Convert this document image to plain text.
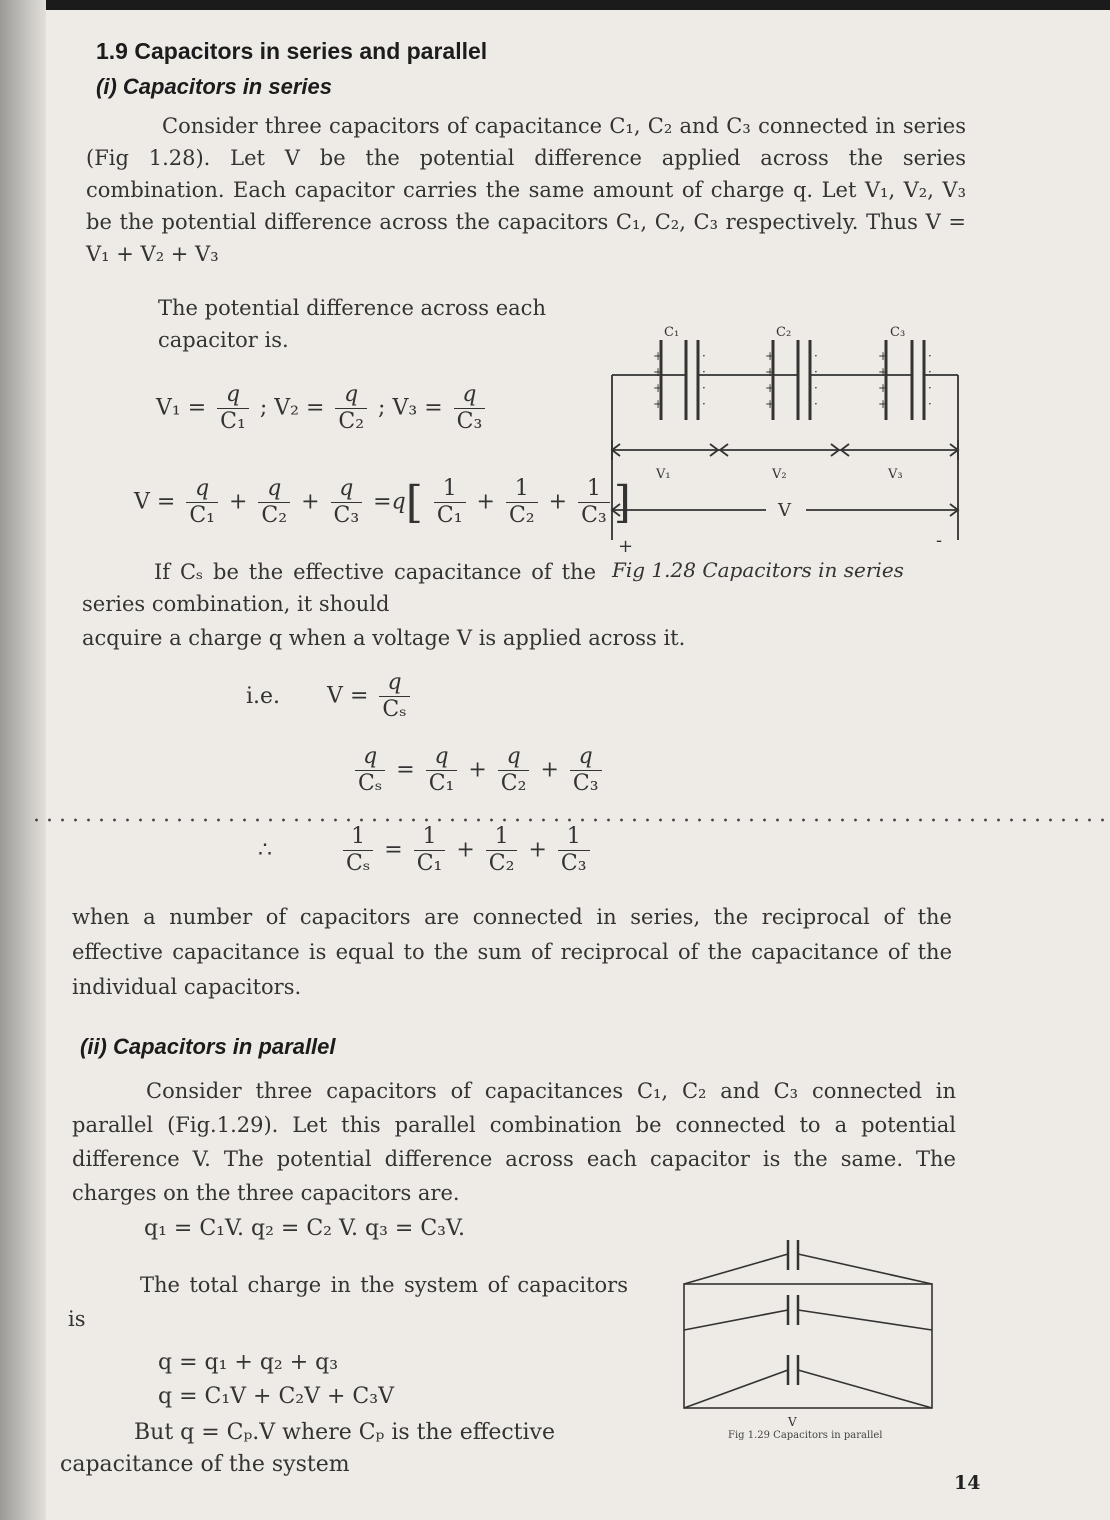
1.9 Capacitors in series and parallel
(i) Capacitors in series

Consider three capacitors of capacitance C₁, C₂ and C₃ connected in series (Fig 1.28). Let V be the potential difference applied across the series combination. Each capacitor carries the same amount of charge q. Let V₁, V₂, V₃ be the potential difference across the capacitors C₁, C₂, C₃ respectively. Thus V = V₁ + V₂ + V₃

The potential difference across each capacitor is.
$V_1 = \frac{q}{\text{C₁}}$ ; $V_2 = \frac{q}{\text{C₂}}$ ; $V_3 = \frac{q}{\text{C₃}}$
$V = \frac{q}{\text{C₁}} + \frac{q}{\text{C₂}} + \frac{q}{\text{C₃}} =q[ \frac{1}{\text{C₁}} + \frac{1}{\text{C₂}} + \frac{1}{\text{C₃}}$ ]
+
+
+
+
+
+
+
+
+
+
+
+
·
·
·
·
·
·
·
·
·
·
·
·
C₁	C₂	C₃
V₁	V₂	V₃
V
+	-
If Cₛ be the effective capacitance of the series combination, it should
Fig 1.28 Capacitors in series
acquire a charge q when a voltage V is applied across it.
i.e. $V = \frac{q}{\text{Cₛ}}$
$\frac{q}{\text{Cₛ}} = \frac{q}{\text{C₁}} + \frac{q}{\text{C₂}} + \frac{q}{\text{C₃}}$
∴	$\frac{1}{\text{Cₛ}} = \frac{1}{\text{C₁}} + \frac{1}{\text{C₂}} + \frac{1}{\text{C₃}}$
when a number of capacitors are connected in series, the reciprocal of the effective capacitance is equal to the sum of reciprocal of the capacitance of the individual capacitors.
(ii) Capacitors in parallel
Consider three capacitors of capacitances C₁, C₂ and C₃ connected in parallel (Fig.1.29). Let this parallel combination be connected to a potential difference V. The potential difference across each capacitor is the same. The charges on the three capacitors are.
q₁ = C₁V. q₂ = C₂ V. q₃ = C₃V.
The total charge in the system of capacitors is
q = q₁ + q₂ + q₃
q = C₁V + C₂V + C₃V
But q = Cₚ.V where Cₚ is the effective
capacitance of the system
V
Fig 1.29 Capacitors in parallel
14
